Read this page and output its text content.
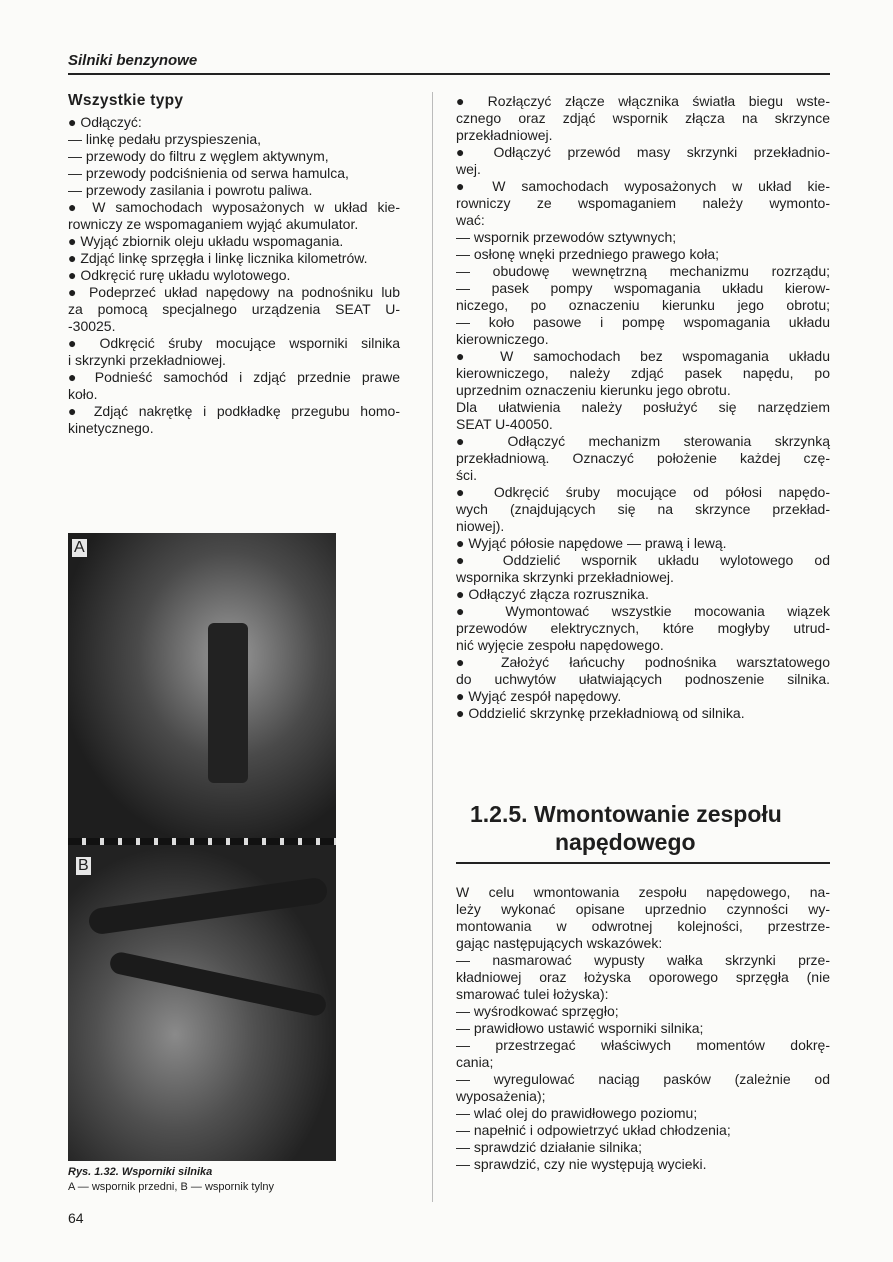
Silniki benzynowe
Wszystkie typy
● Odłączyć:
— linkę pedału przyspieszenia,
— przewody do filtru z węglem aktywnym,
— przewody podciśnienia od serwa hamulca,
— przewody zasilania i powrotu paliwa.
● W samochodach wyposażonych w układ kie-
rowniczy ze wspomaganiem wyjąć akumulator.
● Wyjąć zbiornik oleju układu wspomagania.
● Zdjąć linkę sprzęgła i linkę licznika kilometrów.
● Odkręcić rurę układu wylotowego.
● Podeprzeć układ napędowy na podnośniku lub
za pomocą specjalnego urządzenia SEAT U-
-30025.
● Odkręcić śruby mocujące wsporniki silnika
i skrzynki przekładniowej.
● Podnieść samochód i zdjąć przednie prawe
koło.
● Zdjąć nakrętkę i podkładkę przegubu homo-
kinetycznego.
A
B
Rys. 1.32. Wsporniki silnika
A — wspornik przedni, B — wspornik tylny
64
● Rozłączyć złącze włącznika światła biegu wste-
cznego oraz zdjąć wspornik złącza na skrzynce
przekładniowej.
● Odłączyć przewód masy skrzynki przekładnio-
wej.
● W samochodach wyposażonych w układ kie-
rowniczy ze wspomaganiem należy wymonto-
wać:
— wspornik przewodów sztywnych;
— osłonę wnęki przedniego prawego koła;
— obudowę wewnętrzną mechanizmu rozrządu;
— pasek pompy wspomagania układu kierow-
niczego, po oznaczeniu kierunku jego obrotu;
— koło pasowe i pompę wspomagania układu
kierowniczego.
● W samochodach bez wspomagania układu
kierowniczego, należy zdjąć pasek napędu, po
uprzednim oznaczeniu kierunku jego obrotu.
Dla ułatwienia należy posłużyć się narzędziem
SEAT U-40050.
● Odłączyć mechanizm sterowania skrzynką
przekładniową. Oznaczyć położenie każdej czę-
ści.
● Odkręcić śruby mocujące od półosi napędo-
wych (znajdujących się na skrzynce przekład-
niowej).
● Wyjąć półosie napędowe — prawą i lewą.
● Oddzielić wspornik układu wylotowego od
wspornika skrzynki przekładniowej.
● Odłączyć złącza rozrusznika.
● Wymontować wszystkie mocowania wiązek
przewodów elektrycznych, które mogłyby utrud-
nić wyjęcie zespołu napędowego.
● Założyć łańcuchy podnośnika warsztatowego
do uchwytów ułatwiających podnoszenie silnika.
● Wyjąć zespół napędowy.
● Oddzielić skrzynkę przekładniową od silnika.
1.2.5. Wmontowanie zespołu
napędowego
W celu wmontowania zespołu napędowego, na-
leży wykonać opisane uprzednio czynności wy-
montowania w odwrotnej kolejności, przestrze-
gając następujących wskazówek:
— nasmarować wypusty wałka skrzynki prze-
kładniowej oraz łożyska oporowego sprzęgła (nie
smarować tulei łożyska):
— wyśrodkować sprzęgło;
— prawidłowo ustawić wsporniki silnika;
— przestrzegać właściwych momentów dokrę-
cania;
— wyregulować naciąg pasków (zależnie od
wyposażenia);
— wlać olej do prawidłowego poziomu;
— napełnić i odpowietrzyć układ chłodzenia;
— sprawdzić działanie silnika;
— sprawdzić, czy nie występują wycieki.
